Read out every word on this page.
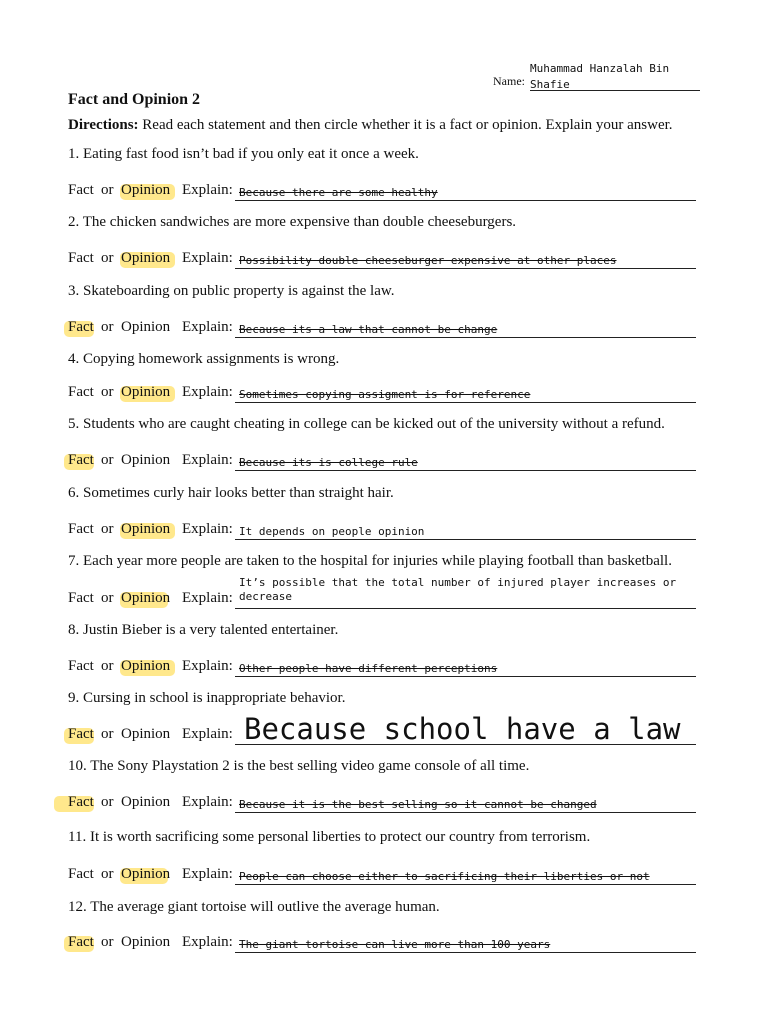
Muhammad Hanzalah Bin Shafie
Name:
Fact and Opinion 2
Directions: Read each statement and then circle whether it is a fact or opinion. Explain your answer.
1. Eating fast food isn’t bad if you only eat it once a week.
Fact or Opinion Explain: Because there are some healthy
2. The chicken sandwiches are more expensive than double cheeseburgers.
Fact or Opinion Explain: Possibility double cheeseburger expensive at other places
3. Skateboarding on public property is against the law.
Fact or Opinion Explain: Because its a law that cannot be change
4. Copying homework assignments is wrong.
Fact or Opinion Explain: Sometimes copying assigment is for reference
5. Students who are caught cheating in college can be kicked out of the university without a refund.
Fact or Opinion Explain: Because its is college rule
6. Sometimes curly hair looks better than straight hair.
Fact or Opinion Explain: It depends on people opinion
7. Each year more people are taken to the hospital for injuries while playing football than basketball.
Fact or Opinion Explain:
It’s possible that the total number of injured player increases or decrease
8. Justin Bieber is a very talented entertainer.
Fact or Opinion Explain: Other people have different perceptions
9. Cursing in school is inappropriate behavior.
Fact or Opinion Explain: Because school have a law
10. The Sony Playstation 2 is the best selling video game console of all time.
Fact or Opinion Explain: Because it is the best selling so it cannot be changed
11. It is worth sacrificing some personal liberties to protect our country from terrorism.
Fact or Opinion Explain: People can choose either to sacrificing their liberties or not
12. The average giant tortoise will outlive the average human.
Fact or Opinion Explain: The giant tortoise can live more than 100 years
